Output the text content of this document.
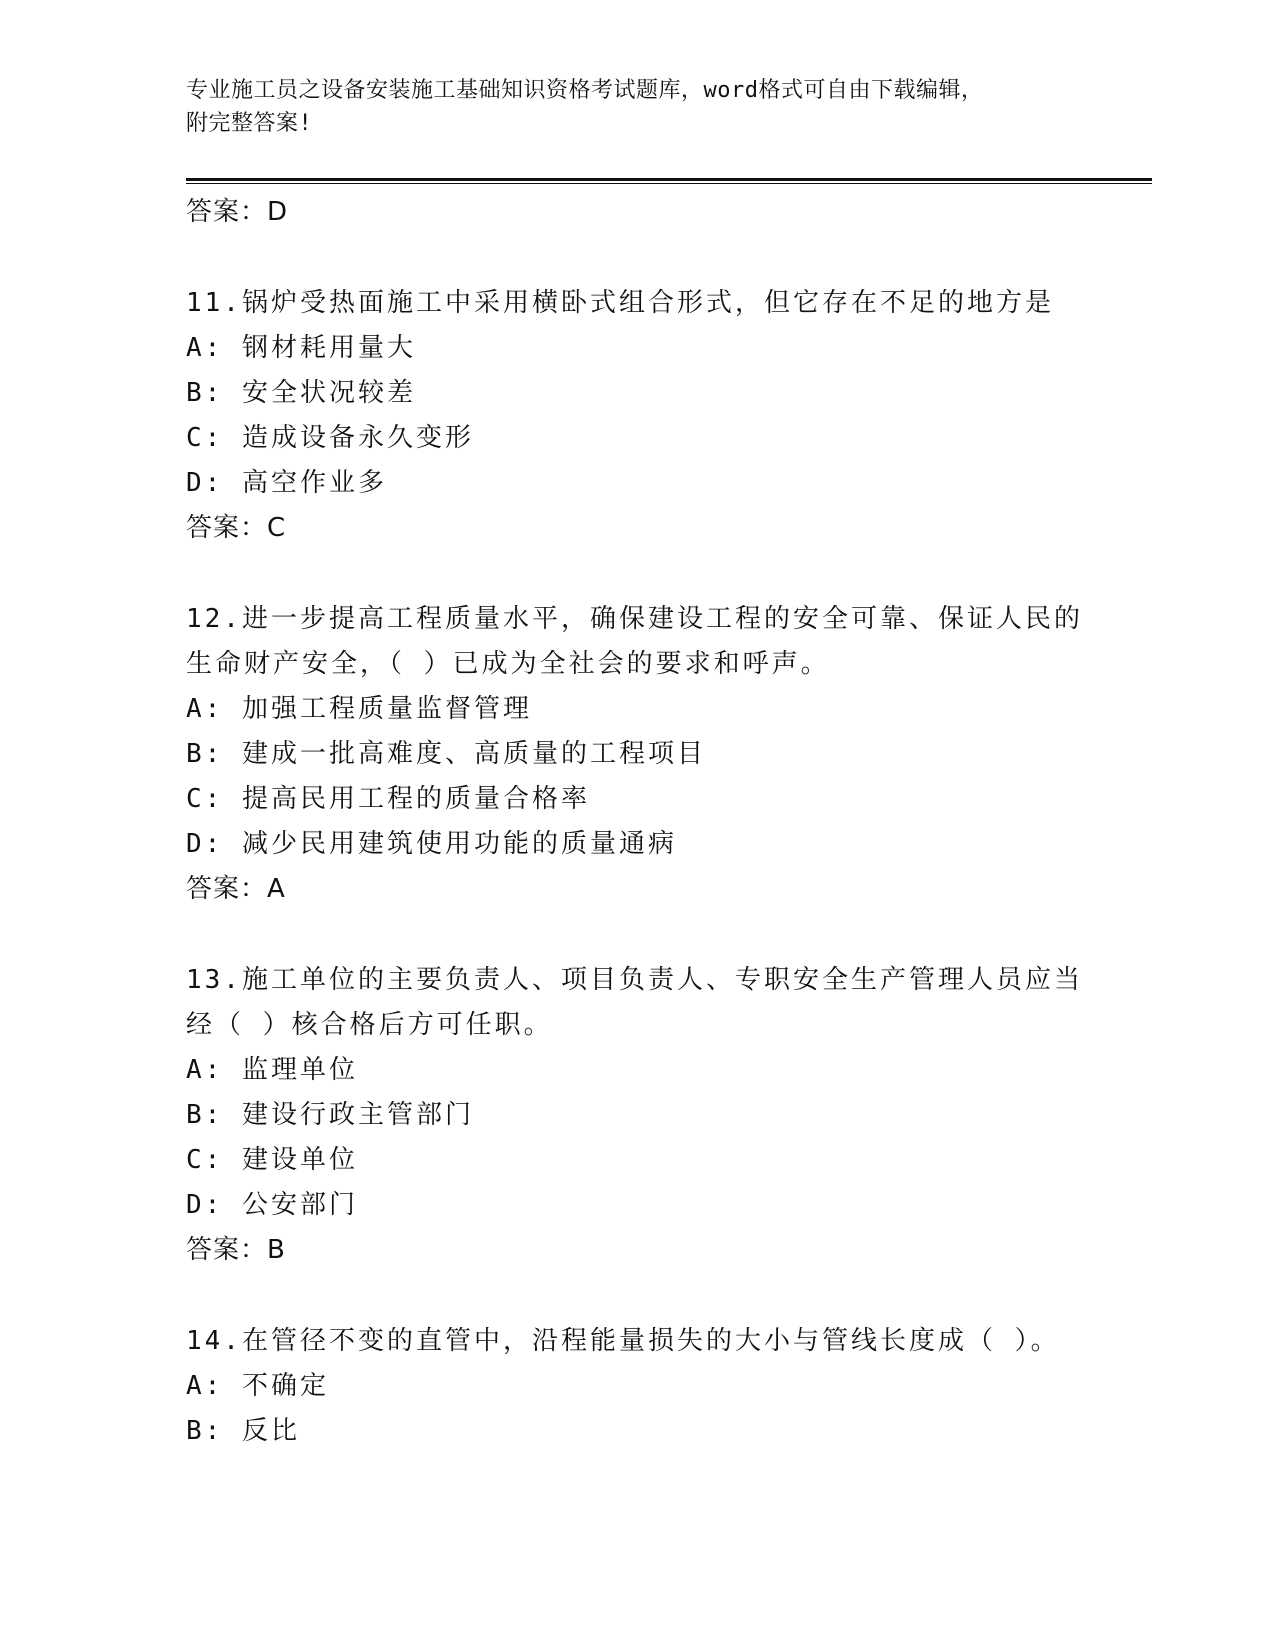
专业施工员之设备安装施工基础知识资格考试题库，word格式可自由下载编辑，
附完整答案!
答案：D
11.锅炉受热面施工中采用横卧式组合形式，但它存在不足的地方是
A: 钢材耗用量大
B: 安全状况较差
C: 造成设备永久变形
D: 高空作业多
答案：C
12.进一步提高工程质量水平，确保建设工程的安全可靠、保证人民的
生命财产安全，（ ）已成为全社会的要求和呼声。
A: 加强工程质量监督管理
B: 建成一批高难度、高质量的工程项目
C: 提高民用工程的质量合格率
D: 减少民用建筑使用功能的质量通病
答案：A
13.施工单位的主要负责人、项目负责人、专职安全生产管理人员应当
经（ ）核合格后方可任职。
A: 监理单位
B: 建设行政主管部门
C: 建设单位
D: 公安部门
答案：B
14.在管径不变的直管中，沿程能量损失的大小与管线长度成（ ）。
A: 不确定
B: 反比
